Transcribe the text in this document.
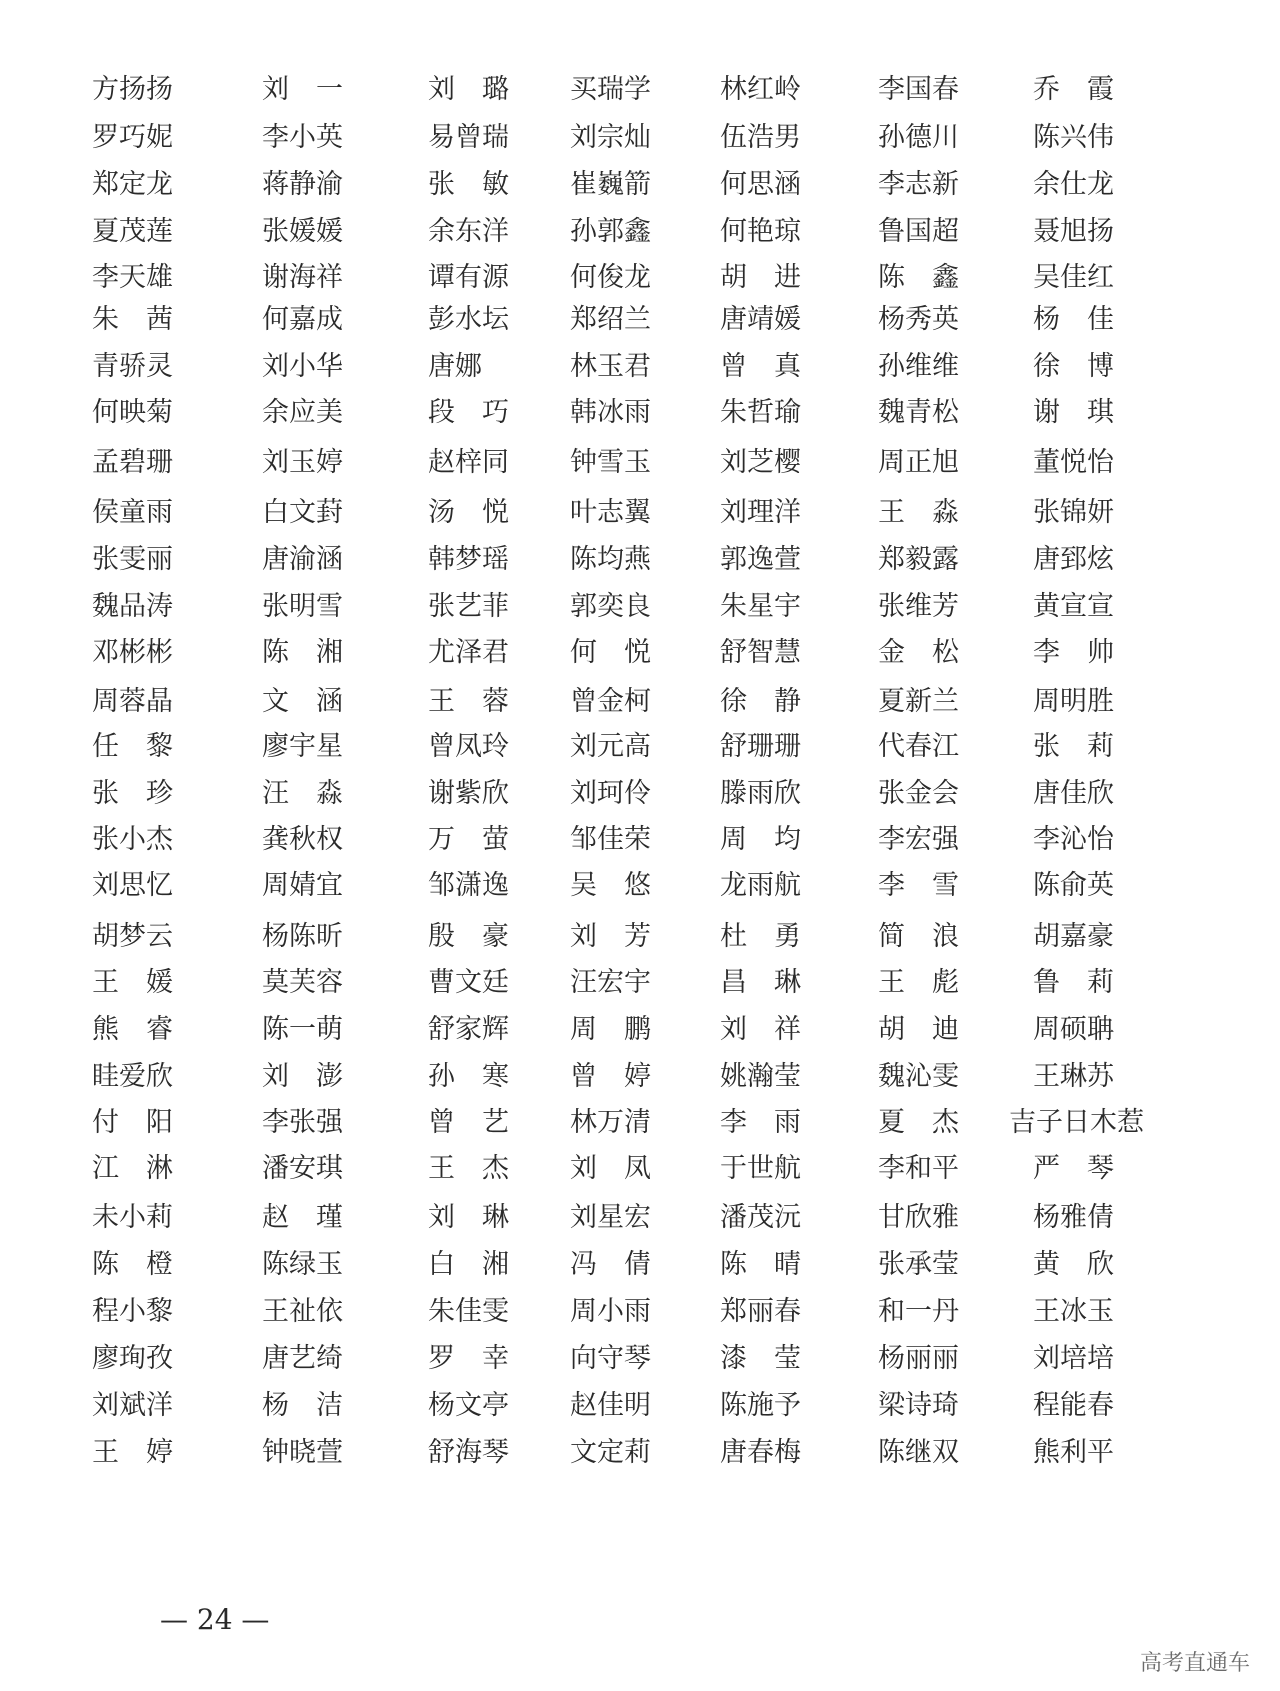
方扬扬	刘　一	刘　璐	买瑞学	林红岭	李国春	乔　霞
罗巧妮	李小英	易曾瑞	刘宗灿	伍浩男	孙德川	陈兴伟
郑定龙	蒋静渝	张　敏	崔巍箭	何思涵	李志新	余仕龙
夏茂莲	张媛媛	余东洋	孙郭鑫	何艳琼	鲁国超	聂旭扬
李天雄	谢海祥	谭有源	何俊龙	胡　进	陈　鑫	吴佳红
朱　茜	何嘉成	彭水坛	郑绍兰	唐靖媛	杨秀英	杨　佳
青骄灵	刘小华	唐娜	林玉君	曾　真	孙维维	徐　博
何映菊	余应美	段　巧	韩冰雨	朱哲瑜	魏青松	谢　琪
孟碧珊	刘玉婷	赵梓同	钟雪玉	刘芝樱	周正旭	董悦怡
侯童雨	白文葑	汤　悦	叶志翼	刘理洋	王　淼	张锦妍
张雯丽	唐渝涵	韩梦瑶	陈均燕	郭逸萱	郑毅露	唐郅炫
魏品涛	张明雪	张艺菲	郭奕良	朱星宇	张维芳	黄宣宣
邓彬彬	陈　湘	尤泽君	何　悦	舒智慧	金　松	李　帅
周蓉晶	文　涵	王　蓉	曾金柯	徐　静	夏新兰	周明胜
任　黎	廖宇星	曾凤玲	刘元高	舒珊珊	代春江	张　莉
张　珍	汪　淼	谢紫欣	刘珂伶	滕雨欣	张金会	唐佳欣
张小杰	龚秋权	万　萤	邹佳荣	周　均	李宏强	李沁怡
刘思忆	周婧宜	邹潇逸	吴　悠	龙雨航	李　雪	陈俞英
胡梦云	杨陈昕	殷　豪	刘　芳	杜　勇	简　浪	胡嘉豪
王　媛	莫芙容	曹文廷	汪宏宇	昌　琳	王　彪	鲁　莉
熊　睿	陈一萌	舒家辉	周　鹏	刘　祥	胡　迪	周硕聃
眭爱欣	刘　澎	孙　寒	曾　婷	姚瀚莹	魏沁雯	王琳苏
付　阳	李张强	曾　艺	林万清	李　雨	夏　杰	吉子日木惹
江　淋	潘安琪	王　杰	刘　凤	于世航	李和平	严　琴
未小莉	赵　瑾	刘　琳	刘星宏	潘茂沅	甘欣雅	杨雅倩
陈　橙	陈绿玉	白　湘	冯　倩	陈　晴	张承莹	黄　欣
程小黎	王祉依	朱佳雯	周小雨	郑丽春	和一丹	王冰玉
廖珣孜	唐艺绮	罗　幸	向守琴	漆　莹	杨丽丽	刘培培
刘斌洋	杨　洁	杨文亭	赵佳明	陈施予	梁诗琦	程能春
王　婷	钟晓萱	舒海琴	文定莉	唐春梅	陈继双	熊利平
— 24 —
高考直通车
